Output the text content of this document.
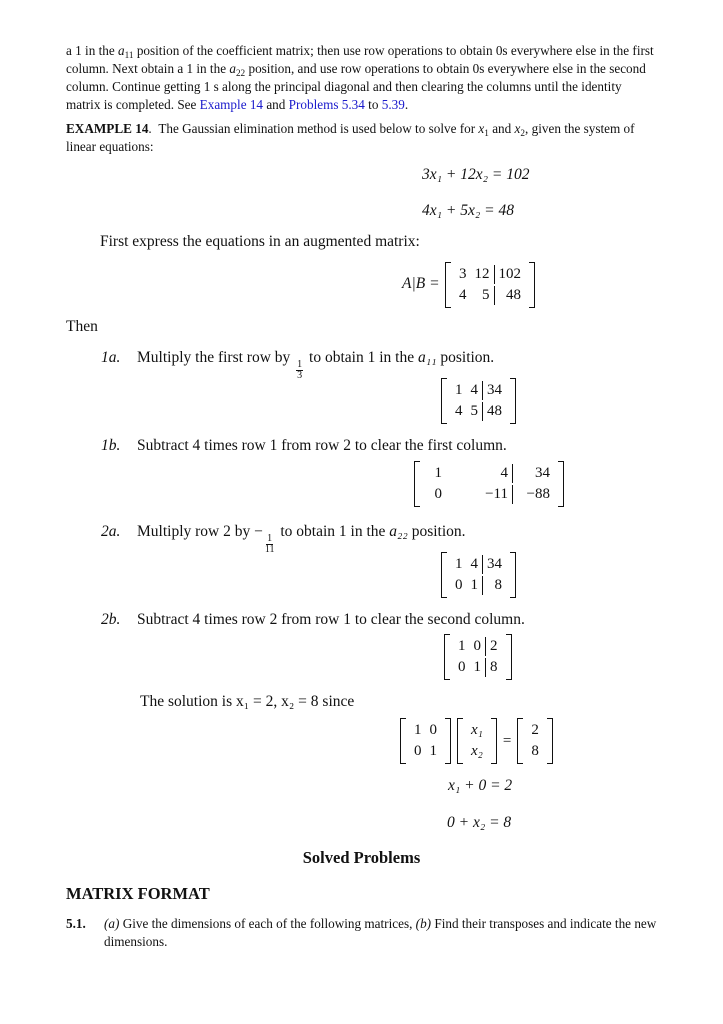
a 1 in the $a_{11}$ position of the coefficient matrix; then use row operations to obtain 0s everywhere else in the first column. Next obtain a 1 in the $a_{22}$ position, and use row operations to obtain 0s everywhere else in the second column. Continue getting 1 s along the principal diagonal and then clearing the columns until the identity matrix is completed. See Example 14 and Problems 5.34 to 5.39.
EXAMPLE 14. The Gaussian elimination method is used below to solve for $x_1$ and $x_2$, given the system of linear equations:
3x₁ + 12x₂ = 102
4x₁ + 5x₂ = 48
First express the equations in an augmented matrix:
A|B =
3 12 102
4	5	48
Then
1a. Multiply the first row by
$\frac{1}{3}$
to obtain 1 in the a₁₁ position.
1 4 34
4 5 48
1b. Subtract 4 times row 1 from row 2 to clear the first column.
1	4	34
0	−11	−88
2a. Multiply row 2 by −
$\frac{1}{11}$
to obtain 1 in the a₂₂ position.
1 4 34
0 1	8
2b. Subtract 4 times row 2 from row 1 to clear the second column.
1 0 2
0 1 8
The solution is x₁ = 2, x₂ = 8 since
1 0
0 1
x₁
x₂
=
2
8
x₁ + 0 = 2
0 + x₂ = 8
Solved Problems
MATRIX FORMAT
5.1.	(a) Give the dimensions of each of the following matrices, (b) Find their transposes and indicate the new dimensions.
